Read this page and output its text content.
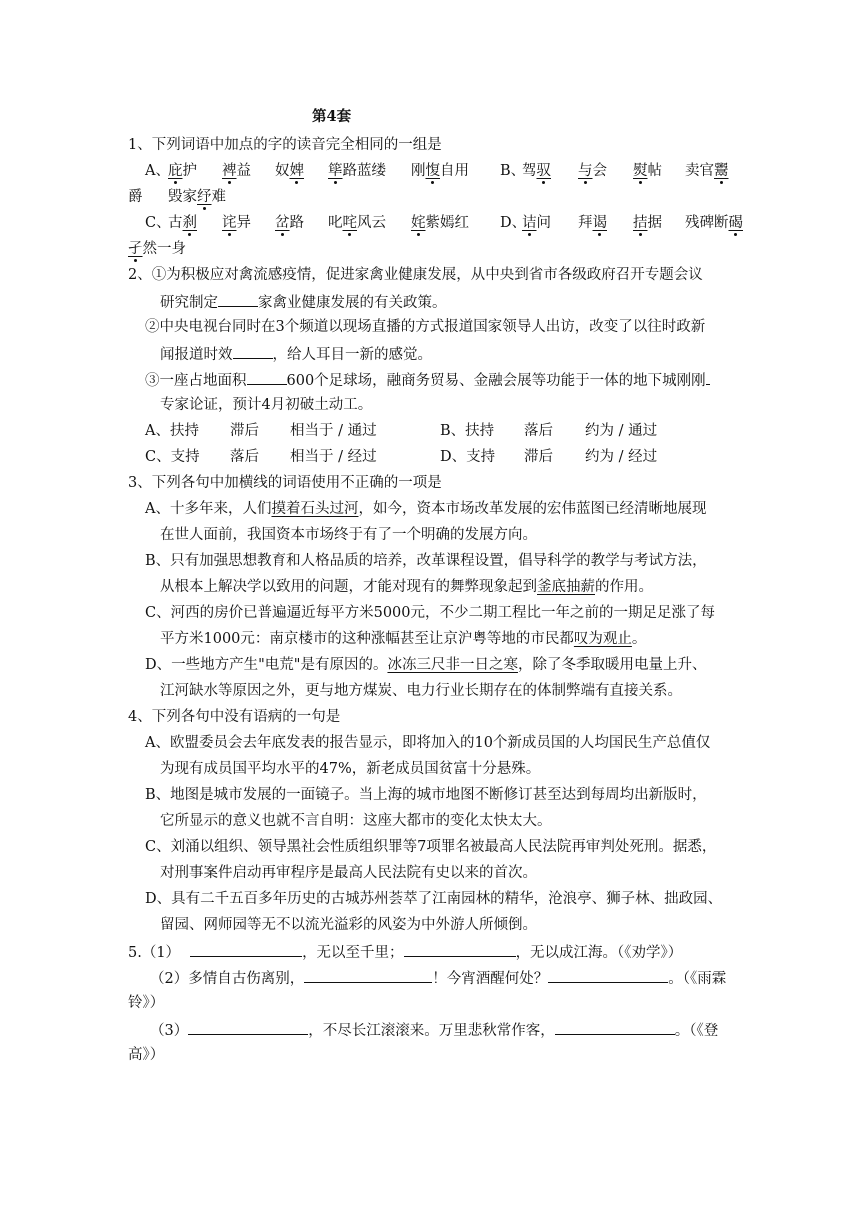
第4套
1、下列词语中加点的字的读音完全相同的一组是
A、
庇护 裨益 奴婢 筚路蓝缕 刚愎自用 B、
驾驭 与会 熨帖 卖官鬻
爵 毁家纾难
C、
古刹 诧异 岔路 叱咤风云 姹紫嫣红 D、
诘问 拜谒 拮据 残碑断碣
孑然一身
2、①为积极应对禽流感疫情，促进家禽业健康发展，从中央到省市各级政府召开专题会议
研究制定	家禽业健康发展的有关政策。
②中央电视台同时在3个频道以现场直播的方式报道国家领导人出访，改变了以往时政新
闻报道时效	，给人耳目一新的感觉。
③一座占地面积	600个足球场，融商务贸易、金融会展等功能于一体的地下城刚刚
专家论证，预计4月初破土动工。
A、扶持 滞后 相当于 / 通过	B、扶持 落后 约为 / 通过
C、支持 落后 相当于 / 经过	D、支持 滞后 约为 / 经过
3、下列各句中加横线的词语使用不正确的一项是
A、十多年来，人们摸着石头过河，如今，资本市场改革发展的宏伟蓝图已经清晰地展现
在世人面前，我国资本市场终于有了一个明确的发展方向。
B、只有加强思想教育和人格品质的培养，改革课程设置，倡导科学的教学与考试方法，
从根本上解决学以致用的问题，才能对现有的舞弊现象起到釜底抽薪的作用。
C、河西的房价已普遍逼近每平方米5000元，不少二期工程比一年之前的一期足足涨了每
平方米1000元：南京楼市的这种涨幅甚至让京沪粤等地的市民都叹为观止。
D、一些地方产生"电荒"是有原因的。冰冻三尺非一日之寒，除了冬季取暖用电量上升、
江河缺水等原因之外，更与地方煤炭、电力行业长期存在的体制弊端有直接关系。
4、下列各句中没有语病的一句是
A、欧盟委员会去年底发表的报告显示，即将加入的10个新成员国的人均国民生产总值仅
为现有成员国平均水平的47%，新老成员国贫富十分悬殊。
B、地图是城市发展的一面镜子。当上海的城市地图不断修订甚至达到每周均出新版时，
它所显示的意义也就不言自明：这座大都市的变化太快太大。
C、刘涌以组织、领导黑社会性质组织罪等7项罪名被最高人民法院再审判处死刑。据悉，
对刑事案件启动再审程序是最高人民法院有史以来的首次。
D、具有二千五百多年历史的古城苏州荟萃了江南园林的精华，沧浪亭、狮子林、拙政园、
留园、网师园等无不以流光溢彩的风姿为中外游人所倾倒。
5.（1）	，无以至千里；	，无以成江海。（《劝学》）
（2）多情自古伤离别，	！今宵酒醒何处？	。（《雨霖
铃》）
（3）	，不尽长江滚滚来。万里悲秋常作客，	。（《登
高》）
